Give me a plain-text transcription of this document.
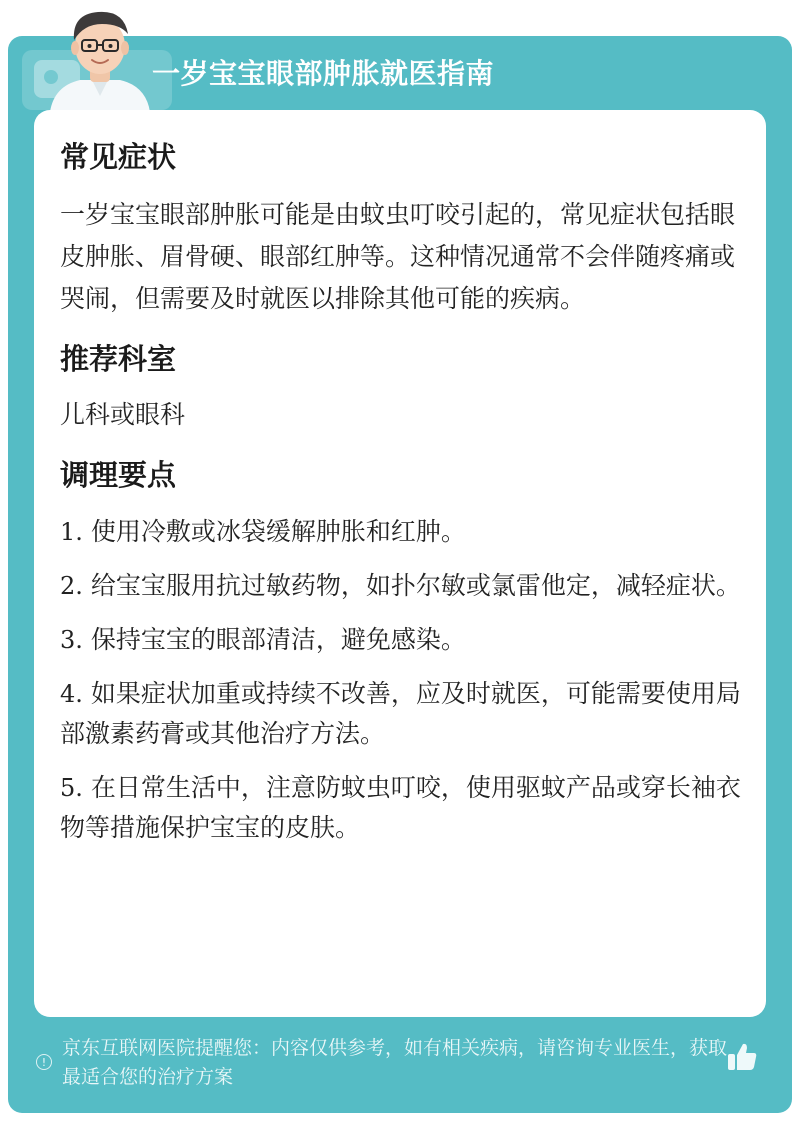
一岁宝宝眼部肿胀就医指南
常见症状

一岁宝宝眼部肿胀可能是由蚊虫叮咬引起的，常见症状包括眼皮肿胀、眉骨硬、眼部红肿等。这种情况通常不会伴随疼痛或哭闹，但需要及时就医以排除其他可能的疾病。

推荐科室

儿科或眼科

调理要点

1. 使用冷敷或冰袋缓解肿胀和红肿。

2. 给宝宝服用抗过敏药物，如扑尔敏或氯雷他定，减轻症状。

3. 保持宝宝的眼部清洁，避免感染。

4. 如果症状加重或持续不改善，应及时就医，可能需要使用局部激素药膏或其他治疗方法。

5. 在日常生活中，注意防蚊虫叮咬，使用驱蚊产品或穿长袖衣物等措施保护宝宝的皮肤。

!
京东互联网医院提醒您：内容仅供参考，如有相关疾病，请咨询专业医生，获取最适合您的治疗方案
